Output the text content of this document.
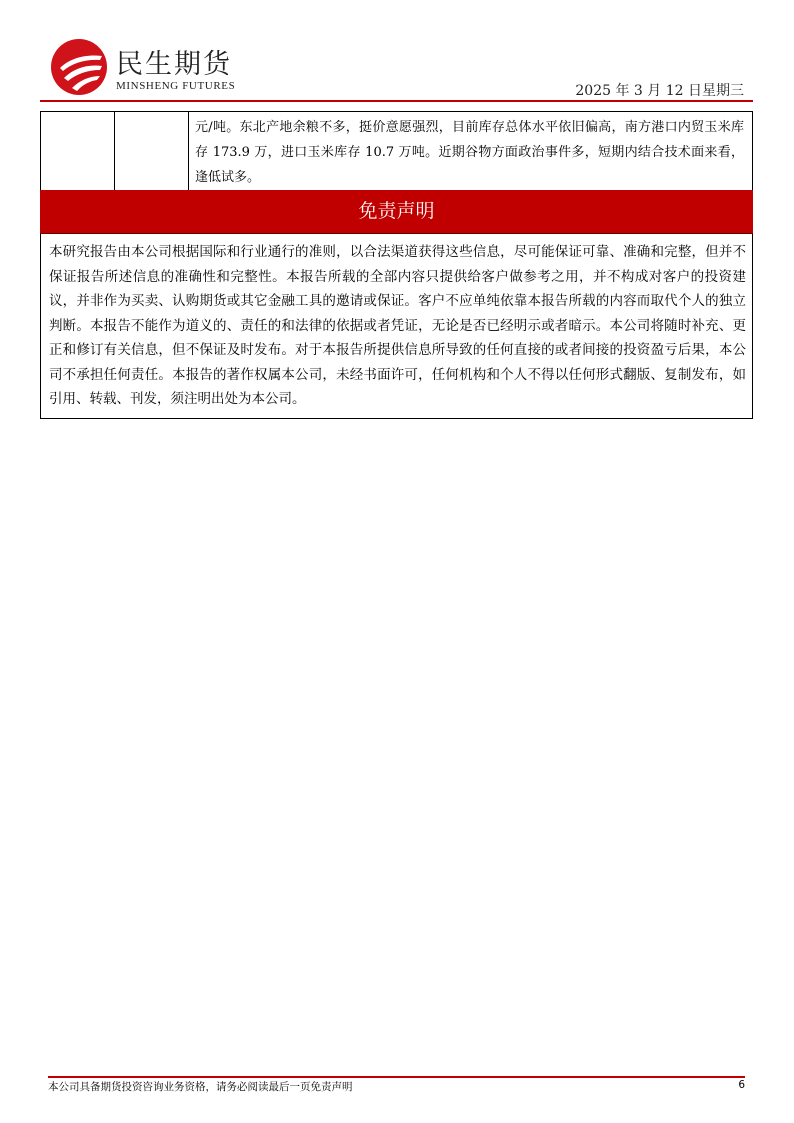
民生期货
MINSHENG FUTURES	2025 年 3 月 12 日星期三
		元/吨。东北产地余粮不多，挺价意愿强烈，目前库存总体水平依旧偏高，南方港口内贸玉米库存 173.9 万，进口玉米库存 10.7 万吨。近期谷物方面政治事件多，短期内结合技术面来看，逢低试多。
免责声明

本研究报告由本公司根据国际和行业通行的准则，以合法渠道获得这些信息，尽可能保证可靠、准确和完整，但并不保证报告所述信息的准确性和完整性。本报告所载的全部内容只提供给客户做参考之用，并不构成对客户的投资建议，并非作为买卖、认购期货或其它金融工具的邀请或保证。客户不应单纯依靠本报告所载的内容而取代个人的独立判断。本报告不能作为道义的、责任的和法律的依据或者凭证，无论是否已经明示或者暗示。本公司将随时补充、更正和修订有关信息，但不保证及时发布。对于本报告所提供信息所导致的任何直接的或者间接的投资盈亏后果，本公司不承担任何责任。本报告的著作权属本公司，未经书面许可，任何机构和个人不得以任何形式翻版、复制发布，如引用、转载、刊发，须注明出处为本公司。

本公司具备期货投资咨询业务资格，请务必阅读最后一页免责声明	6
